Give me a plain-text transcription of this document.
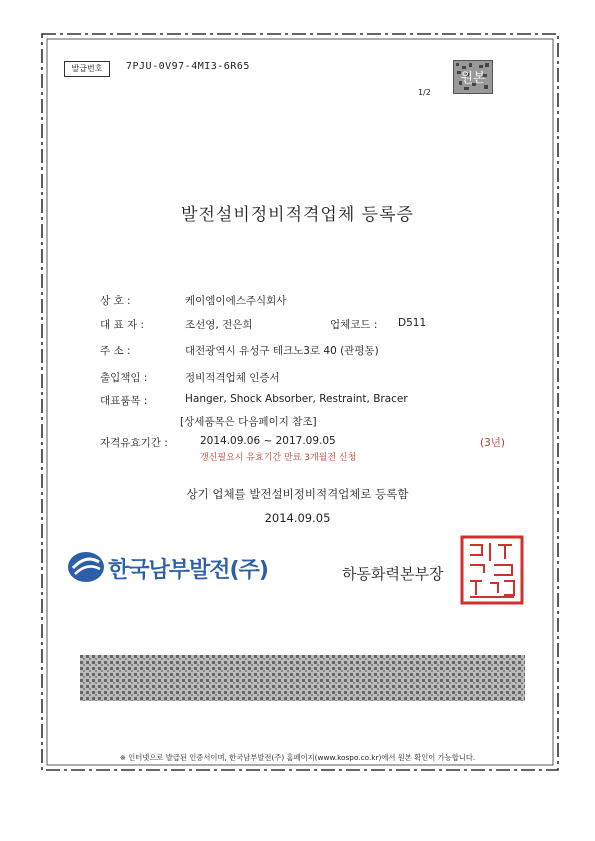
발급번호	7PJU-0V97-4MI3-6R65
원본
1/2
발전설비정비적격업체 등록증
상 호 :	케이엠이에스주식회사
대 표 자 :	조선영, 전은희	업체코드 : D511
주 소 :	대전광역시 유성구 테크노3로 40 (관평동)
출입책임 :	정비적격업체 인증서
대표품목 :	Hanger, Shock Absorber, Restraint, Bracer
[상세품목은 다음페이지 참조]
자격유효기간 :	2014.09.06 ~ 2017.09.05	(3년)
갱신필요시 유효기간 만료 3개월전 신청
상기 업체를 발전설비정비적격업체로 등록함
2014.09.05
한국남부발전(주)	하동화력본부장
※ 인터넷으로 발급된 인증서이며, 한국남부발전(주) 홈페이지(www.kospo.co.kr)에서 원본 확인이 가능합니다.
